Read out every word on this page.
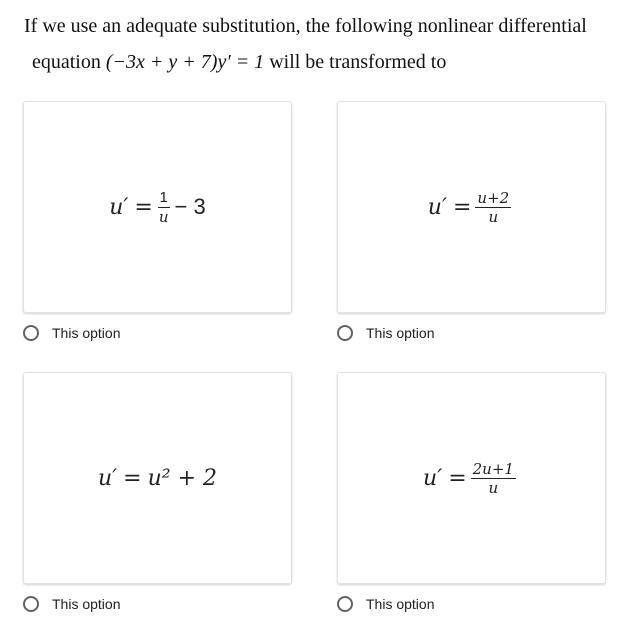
If we use an adequate substitution, the following nonlinear differential
equation (−3x + y + 7)y′ = 1 will be transformed to
$u' = \frac{1}{u} - 3$
This option
$u' = \frac{u+2}{u}$
This option
u′ = u² + 2
This option
$u' = \frac{2u+1}{u}$
This option
